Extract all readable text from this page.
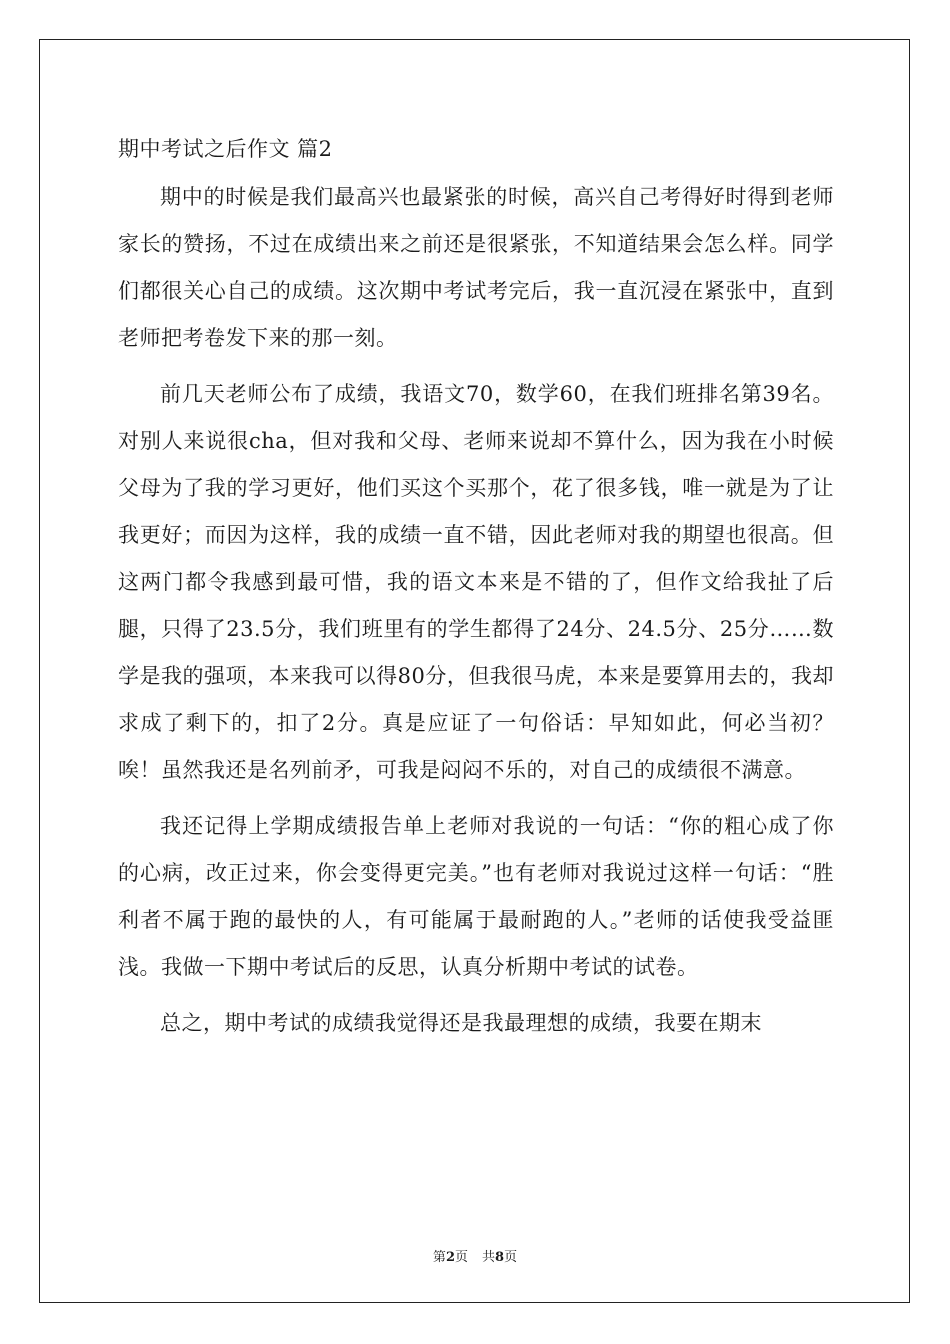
期中考试之后作文 篇2

期中的时候是我们最高兴也最紧张的时候，高兴自己考得好时得到老师家长的赞扬，不过在成绩出来之前还是很紧张，不知道结果会怎么样。同学们都很关心自己的成绩。这次期中考试考完后，我一直沉浸在紧张中，直到老师把考卷发下来的那一刻。

前几天老师公布了成绩，我语文70，数学60，在我们班排名第39名。对别人来说很cha，但对我和父母、老师来说却不算什么，因为我在小时候父母为了我的学习更好，他们买这个买那个，花了很多钱，唯一就是为了让我更好；而因为这样，我的成绩一直不错，因此老师对我的期望也很高。但这两门都令我感到最可惜，我的语文本来是不错的了，但作文给我扯了后腿，只得了23.5分，我们班里有的学生都得了24分、24.5分、25分……数学是我的强项，本来我可以得80分，但我很马虎，本来是要算用去的，我却求成了剩下的，扣了2分。真是应证了一句俗话：早知如此，何必当初？唉！虽然我还是名列前矛，可我是闷闷不乐的，对自己的成绩很不满意。

我还记得上学期成绩报告单上老师对我说的一句话：“你的粗心成了你的心病，改正过来，你会变得更完美。”也有老师对我说过这样一句话：“胜利者不属于跑的最快的人，有可能属于最耐跑的人。”老师的话使我受益匪浅。我做一下期中考试后的反思，认真分析期中考试的试卷。

总之，期中考试的成绩我觉得还是我最理想的成绩，我要在期末

第2页 共8页
